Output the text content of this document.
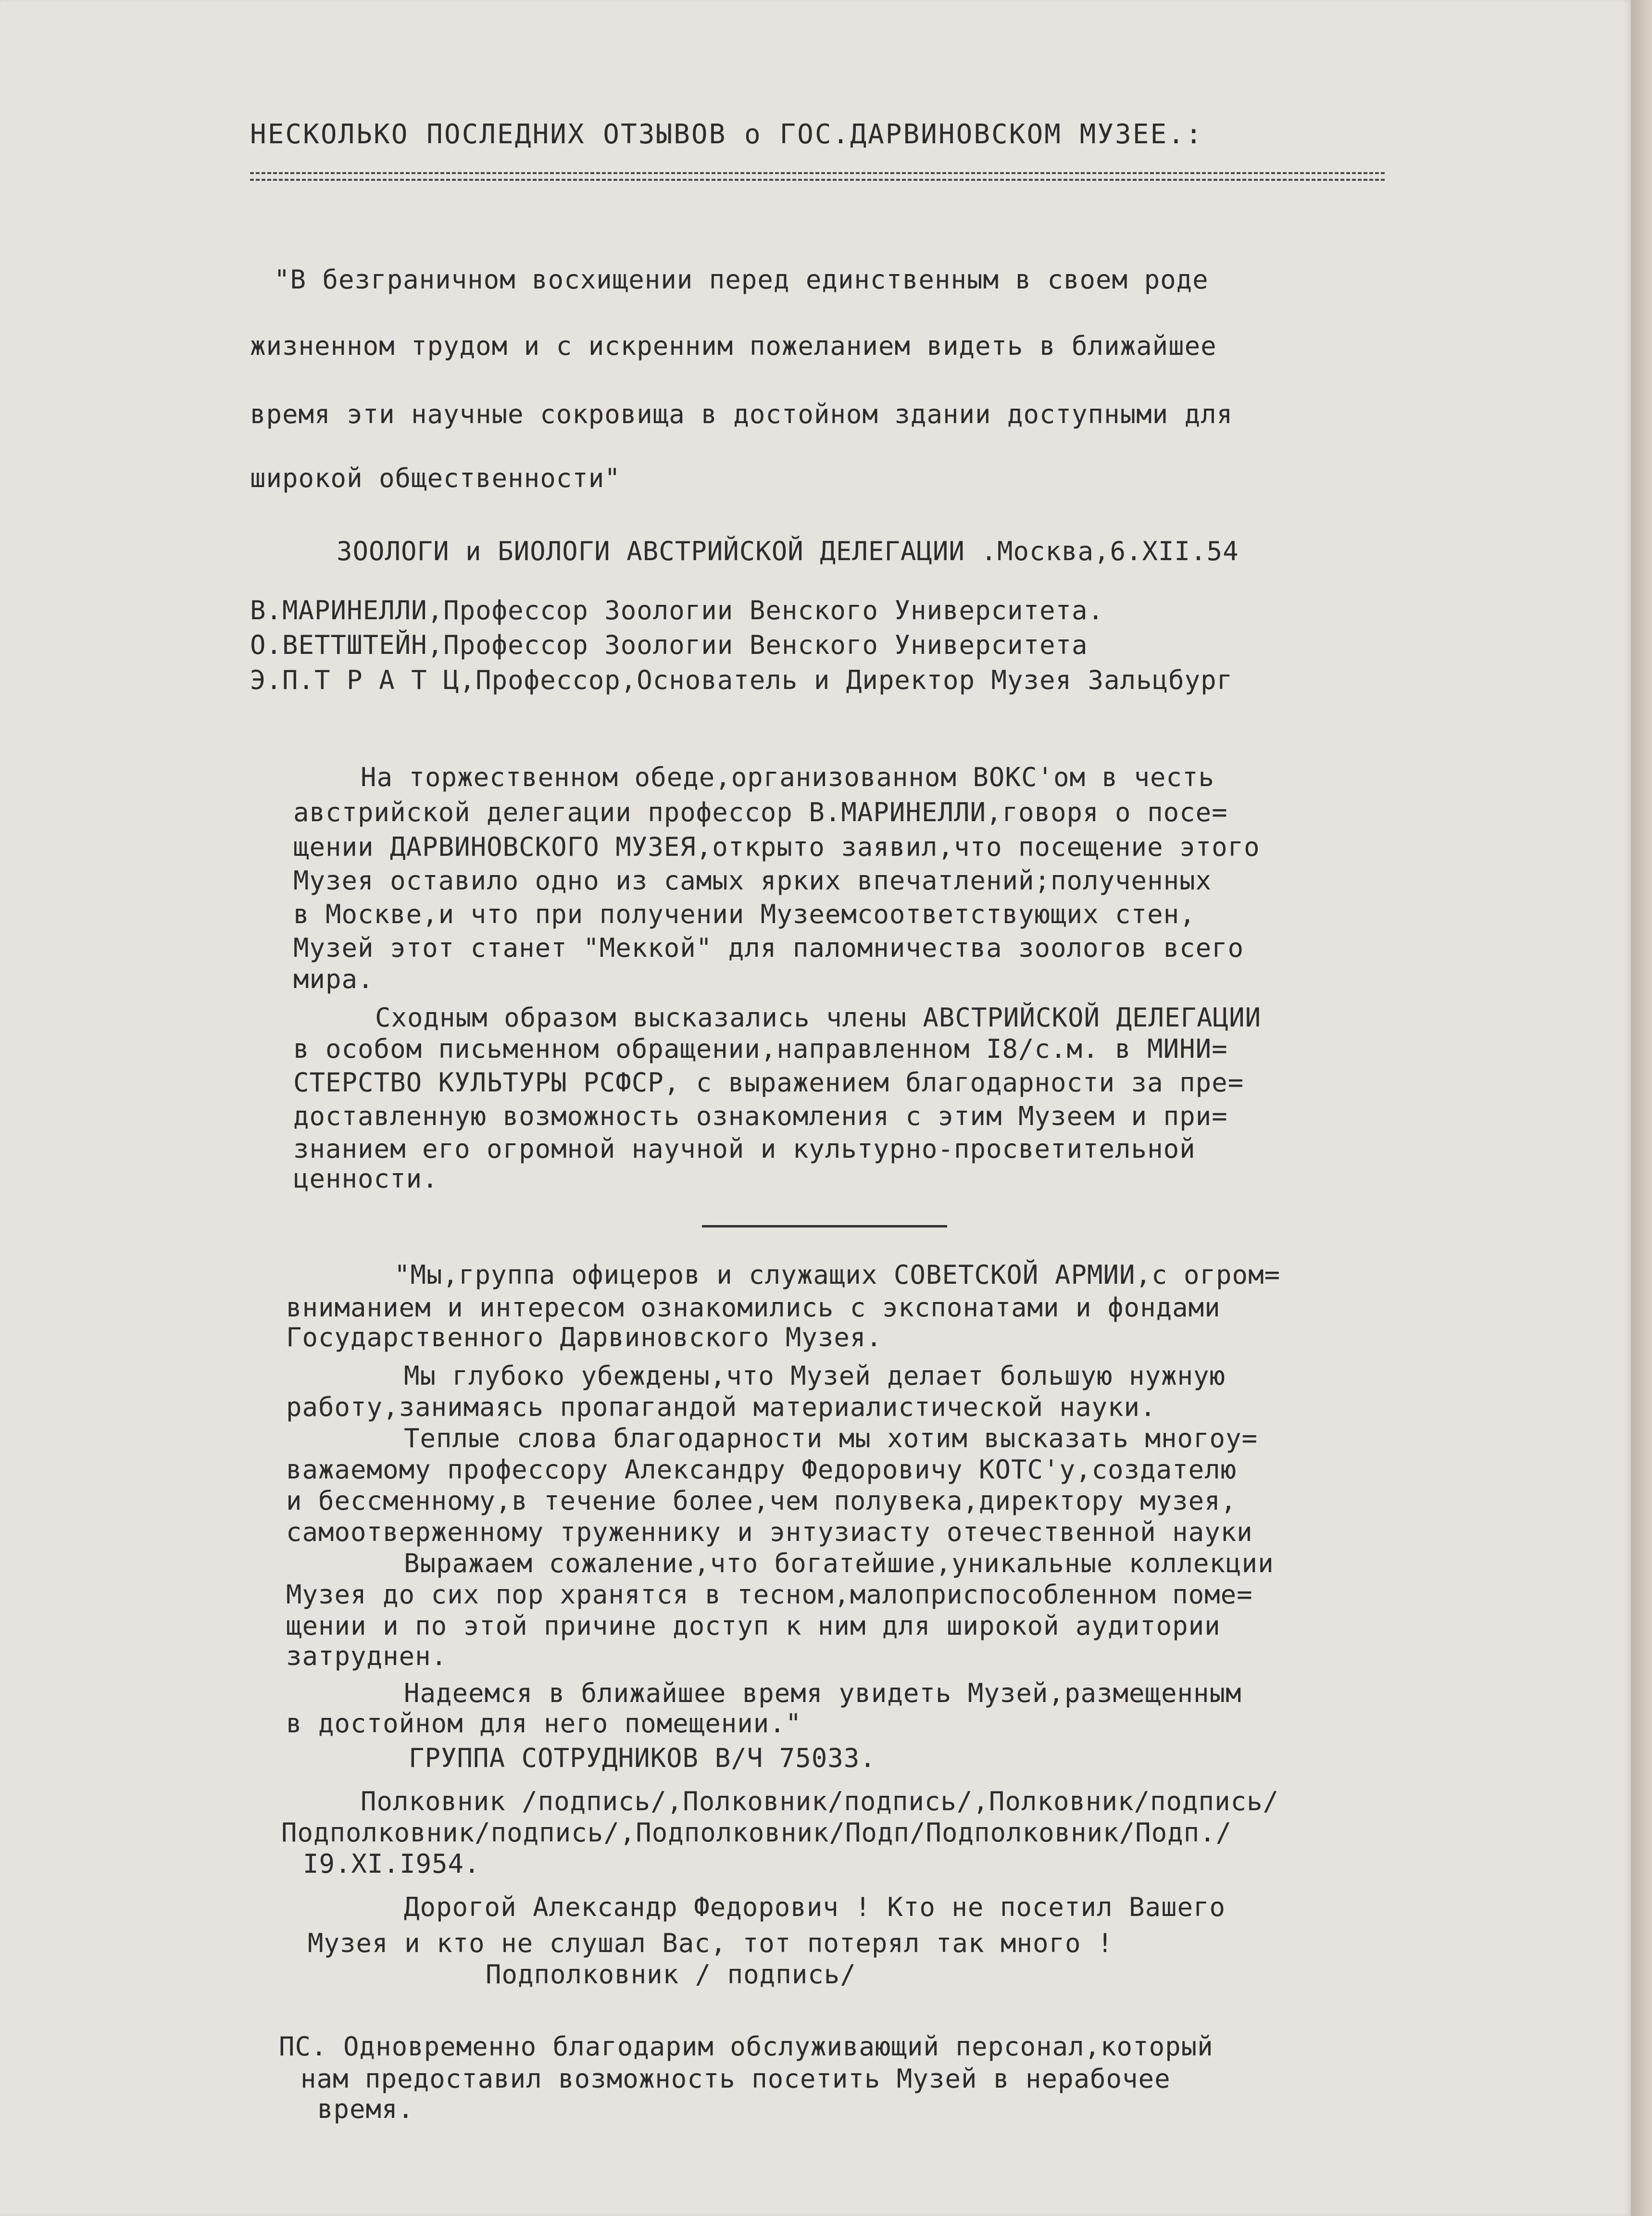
НЕСКОЛЬКО ПОСЛЕДНИХ ОТЗЫВОВ о ГОС.ДАРВИНОВСКОМ МУЗЕЕ.:

"В безграничном восхищении перед единственным в своем роде

жизненном трудом и с искренним пожеланием видеть в ближайшее

время эти научные сокровища в достойном здании доступными для

широкой общественности"

ЗООЛОГИ и БИОЛОГИ АВСТРИЙСКОЙ ДЕЛЕГАЦИИ .Москва,6.XII.54

В.МАРИНЕЛЛИ,Профессор Зоологии Венского Университета.

О.ВЕТТШТЕЙН,Профессор Зоологии Венского Университета

Э.П.Т Р А Т Ц,Профессор,Основатель и Директор Музея Зальцбург

На торжественном обеде,организованном ВОКС'ом в честь

австрийской делегации профессор В.МАРИНЕЛЛИ,говоря о посе=

щении ДАРВИНОВСКОГО МУЗЕЯ,открыто заявил,что посещение этого

Музея оставило одно из самых ярких впечатлений;полученных

в Москве,и что при получении Музеемсоответствующих стен,

Музей этот станет "Меккой" для паломничества зоологов всего

мира.

Сходным образом высказались члены АВСТРИЙСКОЙ ДЕЛЕГАЦИИ

в особом письменном обращении,направленном I8/с.м. в МИНИ=

СТЕРСТВО КУЛЬТУРЫ РСФСР, с выражением благодарности за пре=

доставленную возможность ознакомления с этим Музеем и при=

знанием его огромной научной и культурно-просветительной

ценности.

"Мы,группа офицеров и служащих СОВЕТСКОЙ АРМИИ,с огром=

вниманием и интересом ознакомились с экспонатами и фондами

Государственного Дарвиновского Музея.

Мы глубоко убеждены,что Музей делает большую нужную

работу,занимаясь пропагандой материалистической науки.

Теплые слова благодарности мы хотим высказать многоу=

важаемому профессору Александру Федоровичу КОТС'у,создателю

и бессменному,в течение более,чем полувека,директору музея,

самоотверженному труженнику и энтузиасту отечественной науки

Выражаем сожаление,что богатейшие,уникальные коллекции

Музея до сих пор хранятся в тесном,малоприспособленном поме=

щении и по этой причине доступ к ним для широкой аудитории

затруднен.

Надеемся в ближайшее время увидеть Музей,размещенным

в достойном для него помещении."

ГРУППА СОТРУДНИКОВ В/Ч 75033.

Полковник /подпись/,Полковник/подпись/,Полковник/подпись/

Подполковник/подпись/,Подполковник/Подп/Подполковник/Подп./

I9.XI.I954.

Дорогой Александр Федорович ! Кто не посетил Вашего

Музея и кто не слушал Вас, тот потерял так много !

Подполковник / подпись/

ПС. Одновременно благодарим обслуживающий персонал,который

нам предоставил возможность посетить Музей в нерабочее

время.
